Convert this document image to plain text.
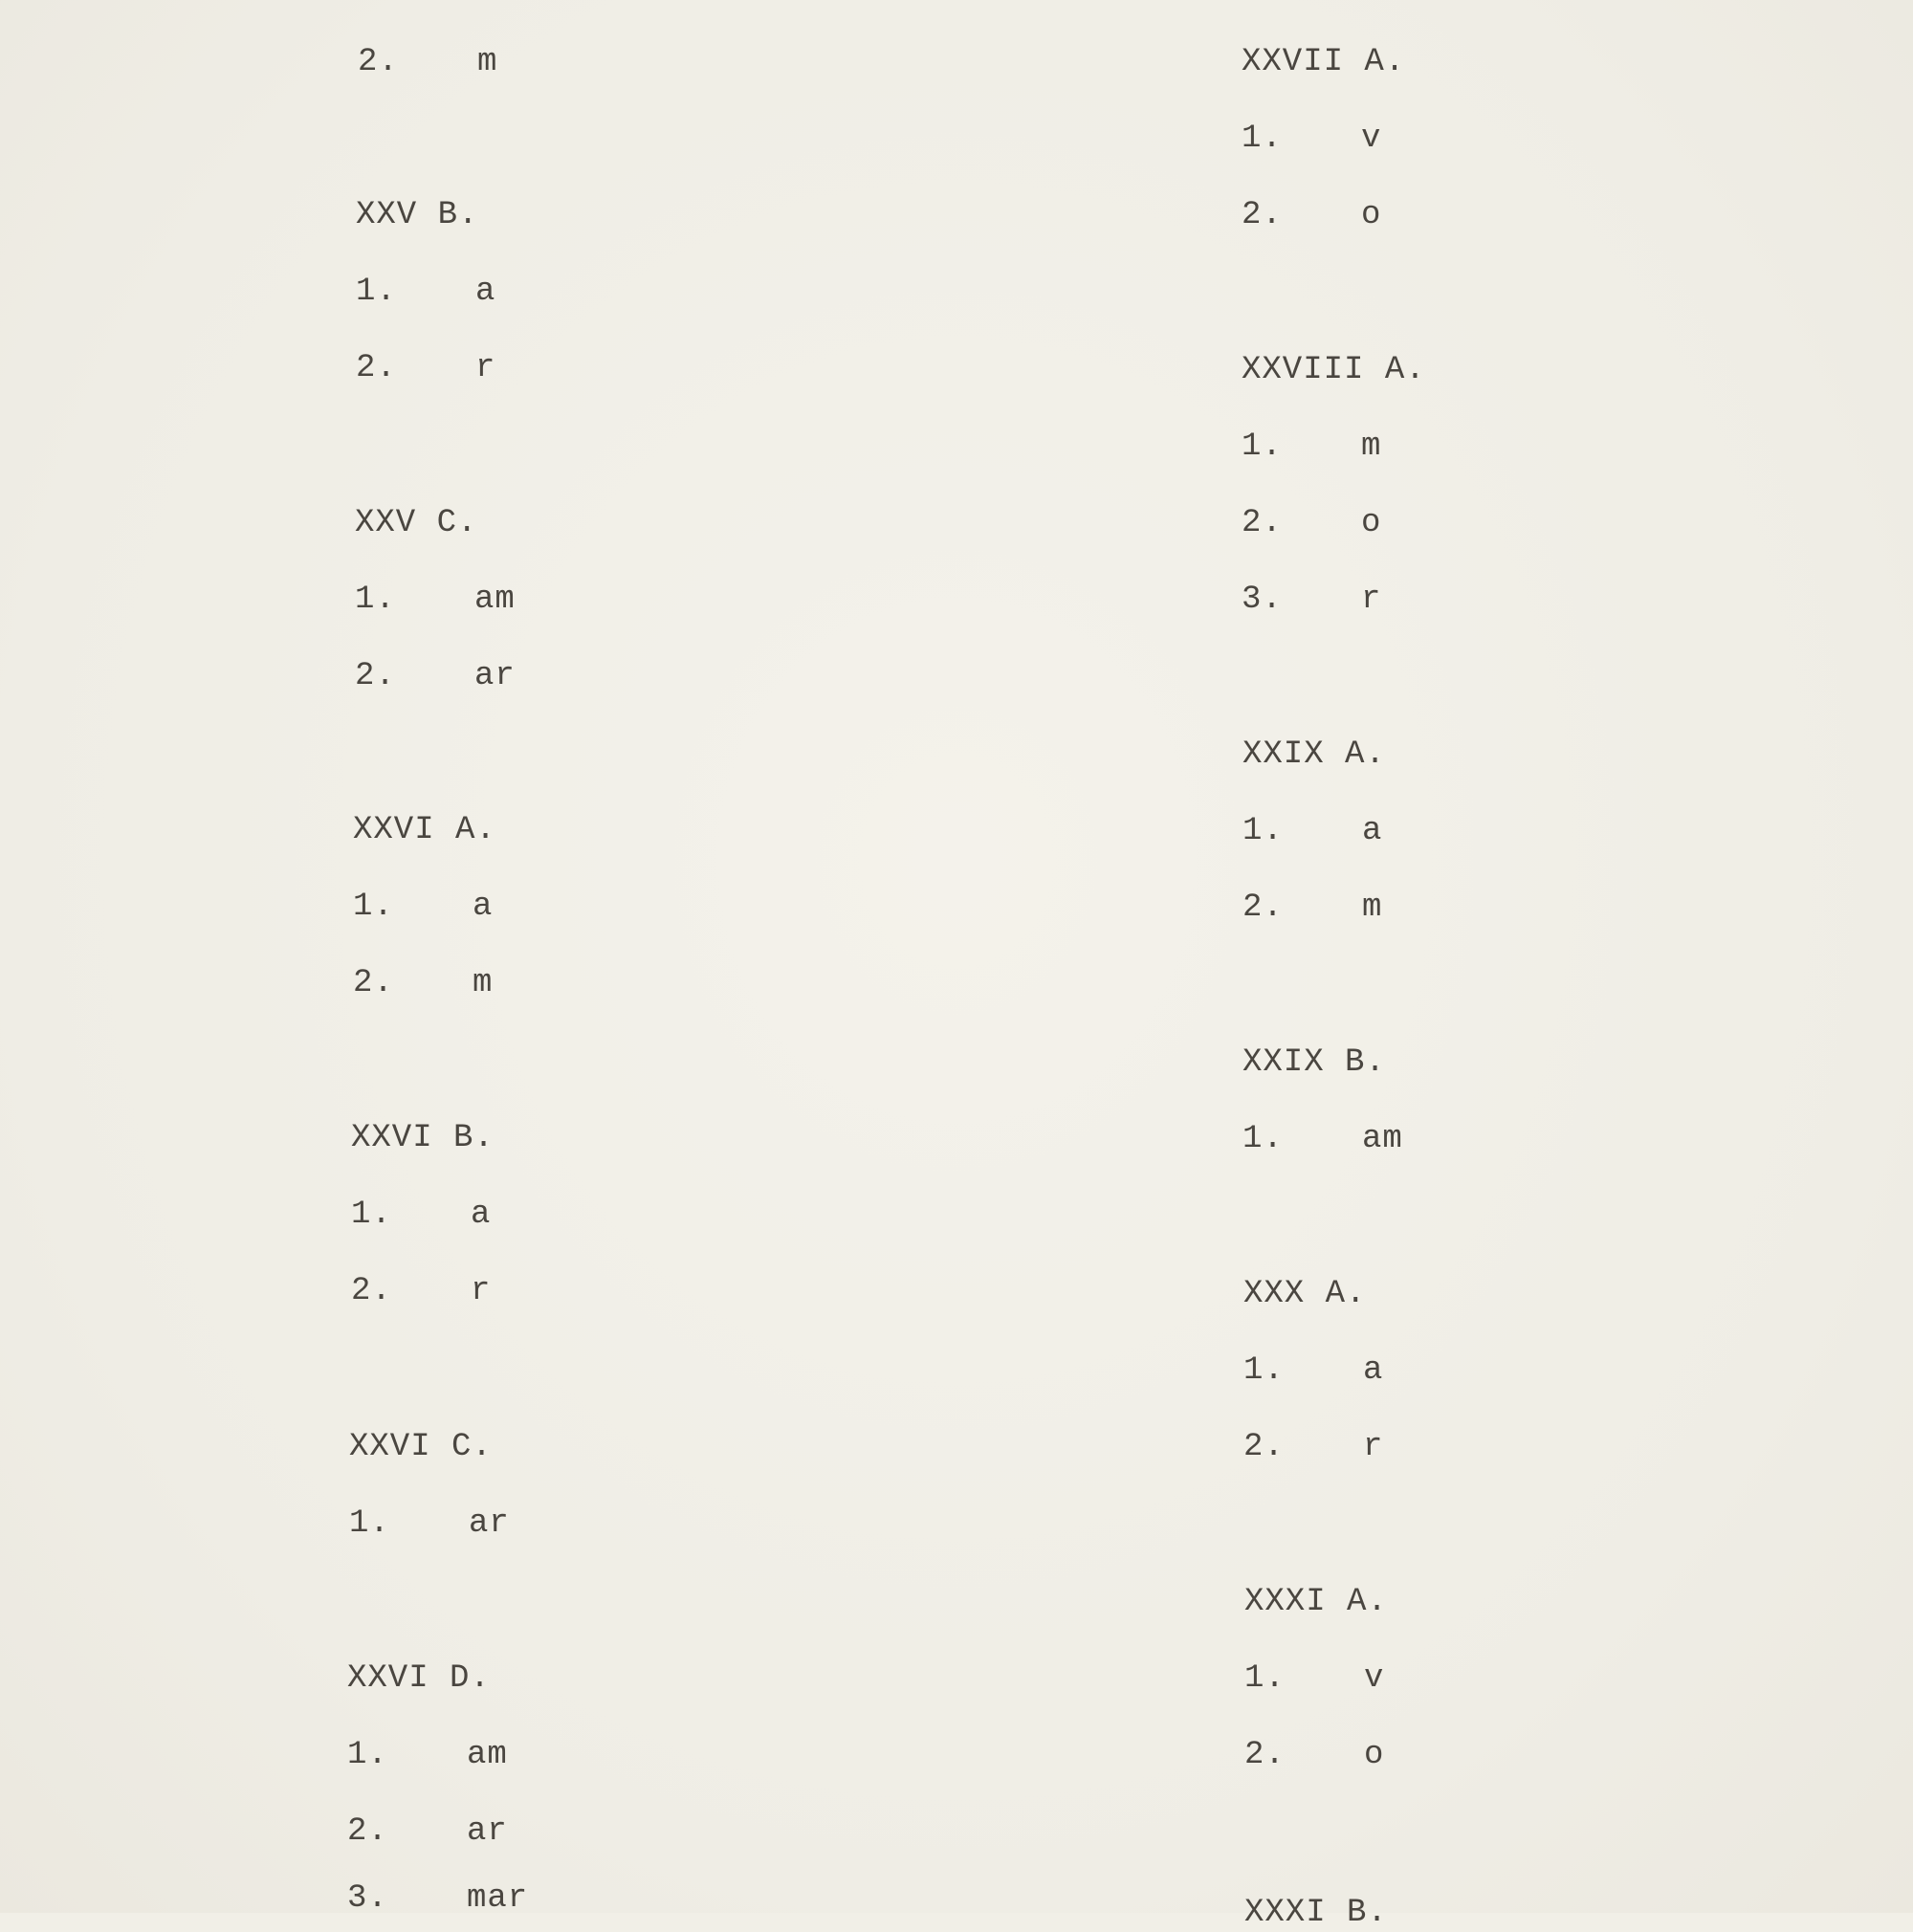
2. m
XXV B.
1. a
2. r
XXV C.
1. am
2. ar
XXVI A.
1. a
2. m
XXVI B.
1. a
2. r
XXVI C.
1. ar
XXVI D.
1. am
2. ar
3. mar
XXVII A.
1. v
2. o
XXVIII A.
1. m
2. o
3. r
XXIX A.
1. a
2. m
XXIX B.
1. am
XXX A.
1. a
2. r
XXXI A.
1. v
2. o
XXXI B.
